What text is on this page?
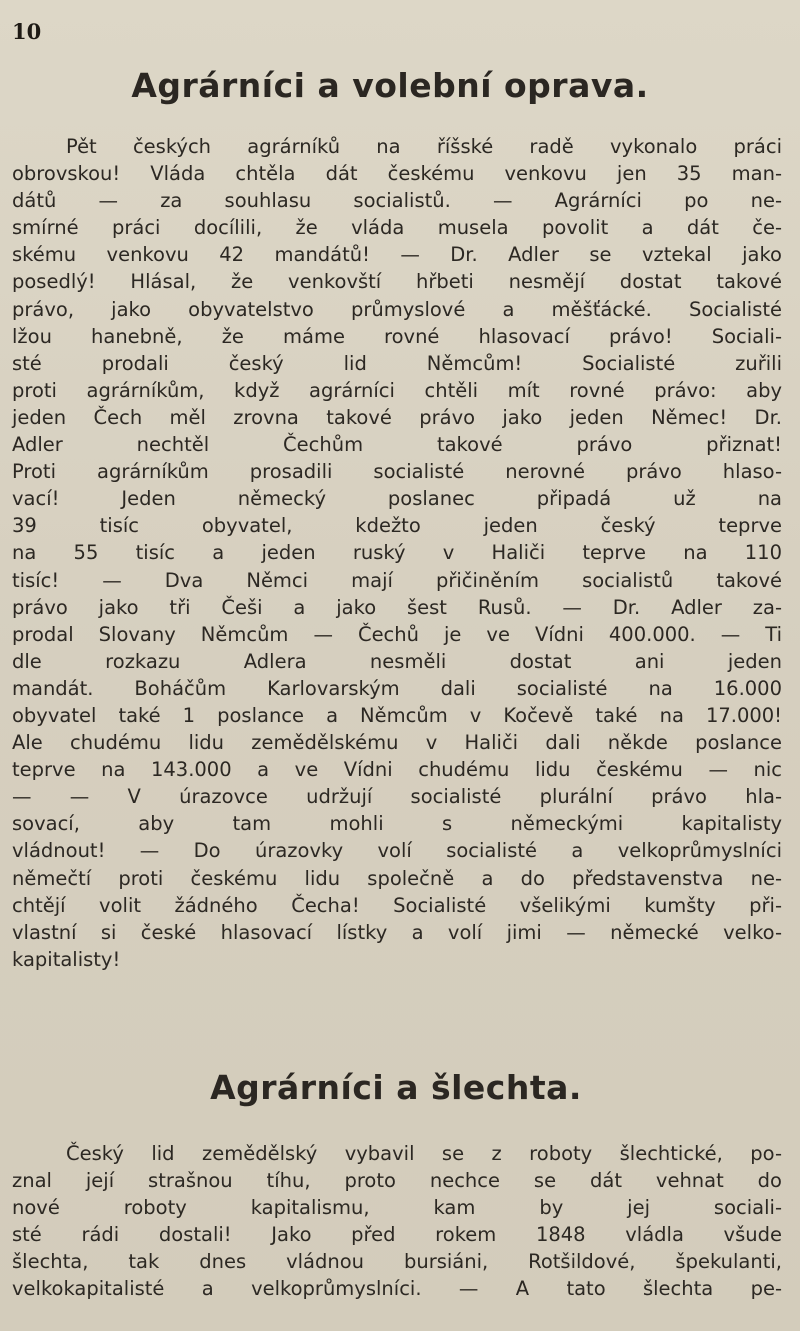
10
Agrárníci a volební oprava.
Pět českých agrárníků na říšské radě vykonalo práci
obrovskou! Vláda chtěla dát českému venkovu jen 35 man-
dátů — za souhlasu socialistů. — Agrárníci po ne-
smírné práci docílili, že vláda musela povolit a dát če-
skému venkovu 42 mandátů! — Dr. Adler se vztekal jako
posedlý! Hlásal, že venkovští hřbeti nesmějí dostat takové
právo, jako obyvatelstvo průmyslové a měšťácké. Socialisté
lžou hanebně, že máme rovné hlasovací právo! Sociali-
sté prodali český lid Němcům! Socialisté zuřili
proti agrárníkům, když agrárníci chtěli mít rovné právo: aby
jeden Čech měl zrovna takové právo jako jeden Němec! Dr.
Adler nechtěl Čechům takové právo přiznat!
Proti agrárníkům prosadili socialisté nerovné právo hlaso-
vací! Jeden německý poslanec připadá už na
39 tisíc obyvatel, kdežto jeden český teprve
na 55 tisíc a jeden ruský v Haliči teprve na 110
tisíc! — Dva Němci mají přičiněním socialistů takové
právo jako tři Češi a jako šest Rusů. — Dr. Adler za-
prodal Slovany Němcům — Čechů je ve Vídni 400.000. — Ti
dle rozkazu Adlera nesměli dostat ani jeden
mandát. Boháčům Karlovarským dali socialisté na 16.000
obyvatel také 1 poslance a Němcům v Kočevě také na 17.000!
Ale chudému lidu zemědělskému v Haliči dali někde poslance
teprve na 143.000 a ve Vídni chudému lidu českému — nic
— — V úrazovce udržují socialisté plurální právo hla-
sovací, aby tam mohli s německými kapitalisty
vládnout! — Do úrazovky volí socialisté a velkoprůmyslníci
němečtí proti českému lidu společně a do představenstva ne-
chtějí volit žádného Čecha! Socialisté všelikými kumšty při-
vlastní si české hlasovací lístky a volí jimi — německé velko-
kapitalisty!
Agrárníci a šlechta.
Český lid zemědělský vybavil se z roboty šlechtické, po-
znal její strašnou tíhu, proto nechce se dát vehnat do
nové roboty kapitalismu, kam by jej sociali-
sté rádi dostali! Jako před rokem 1848 vládla všude
šlechta, tak dnes vládnou bursiáni, Rotšildové, špekulanti,
velkokapitalisté a velkoprůmyslníci. — A tato šlechta pe-
